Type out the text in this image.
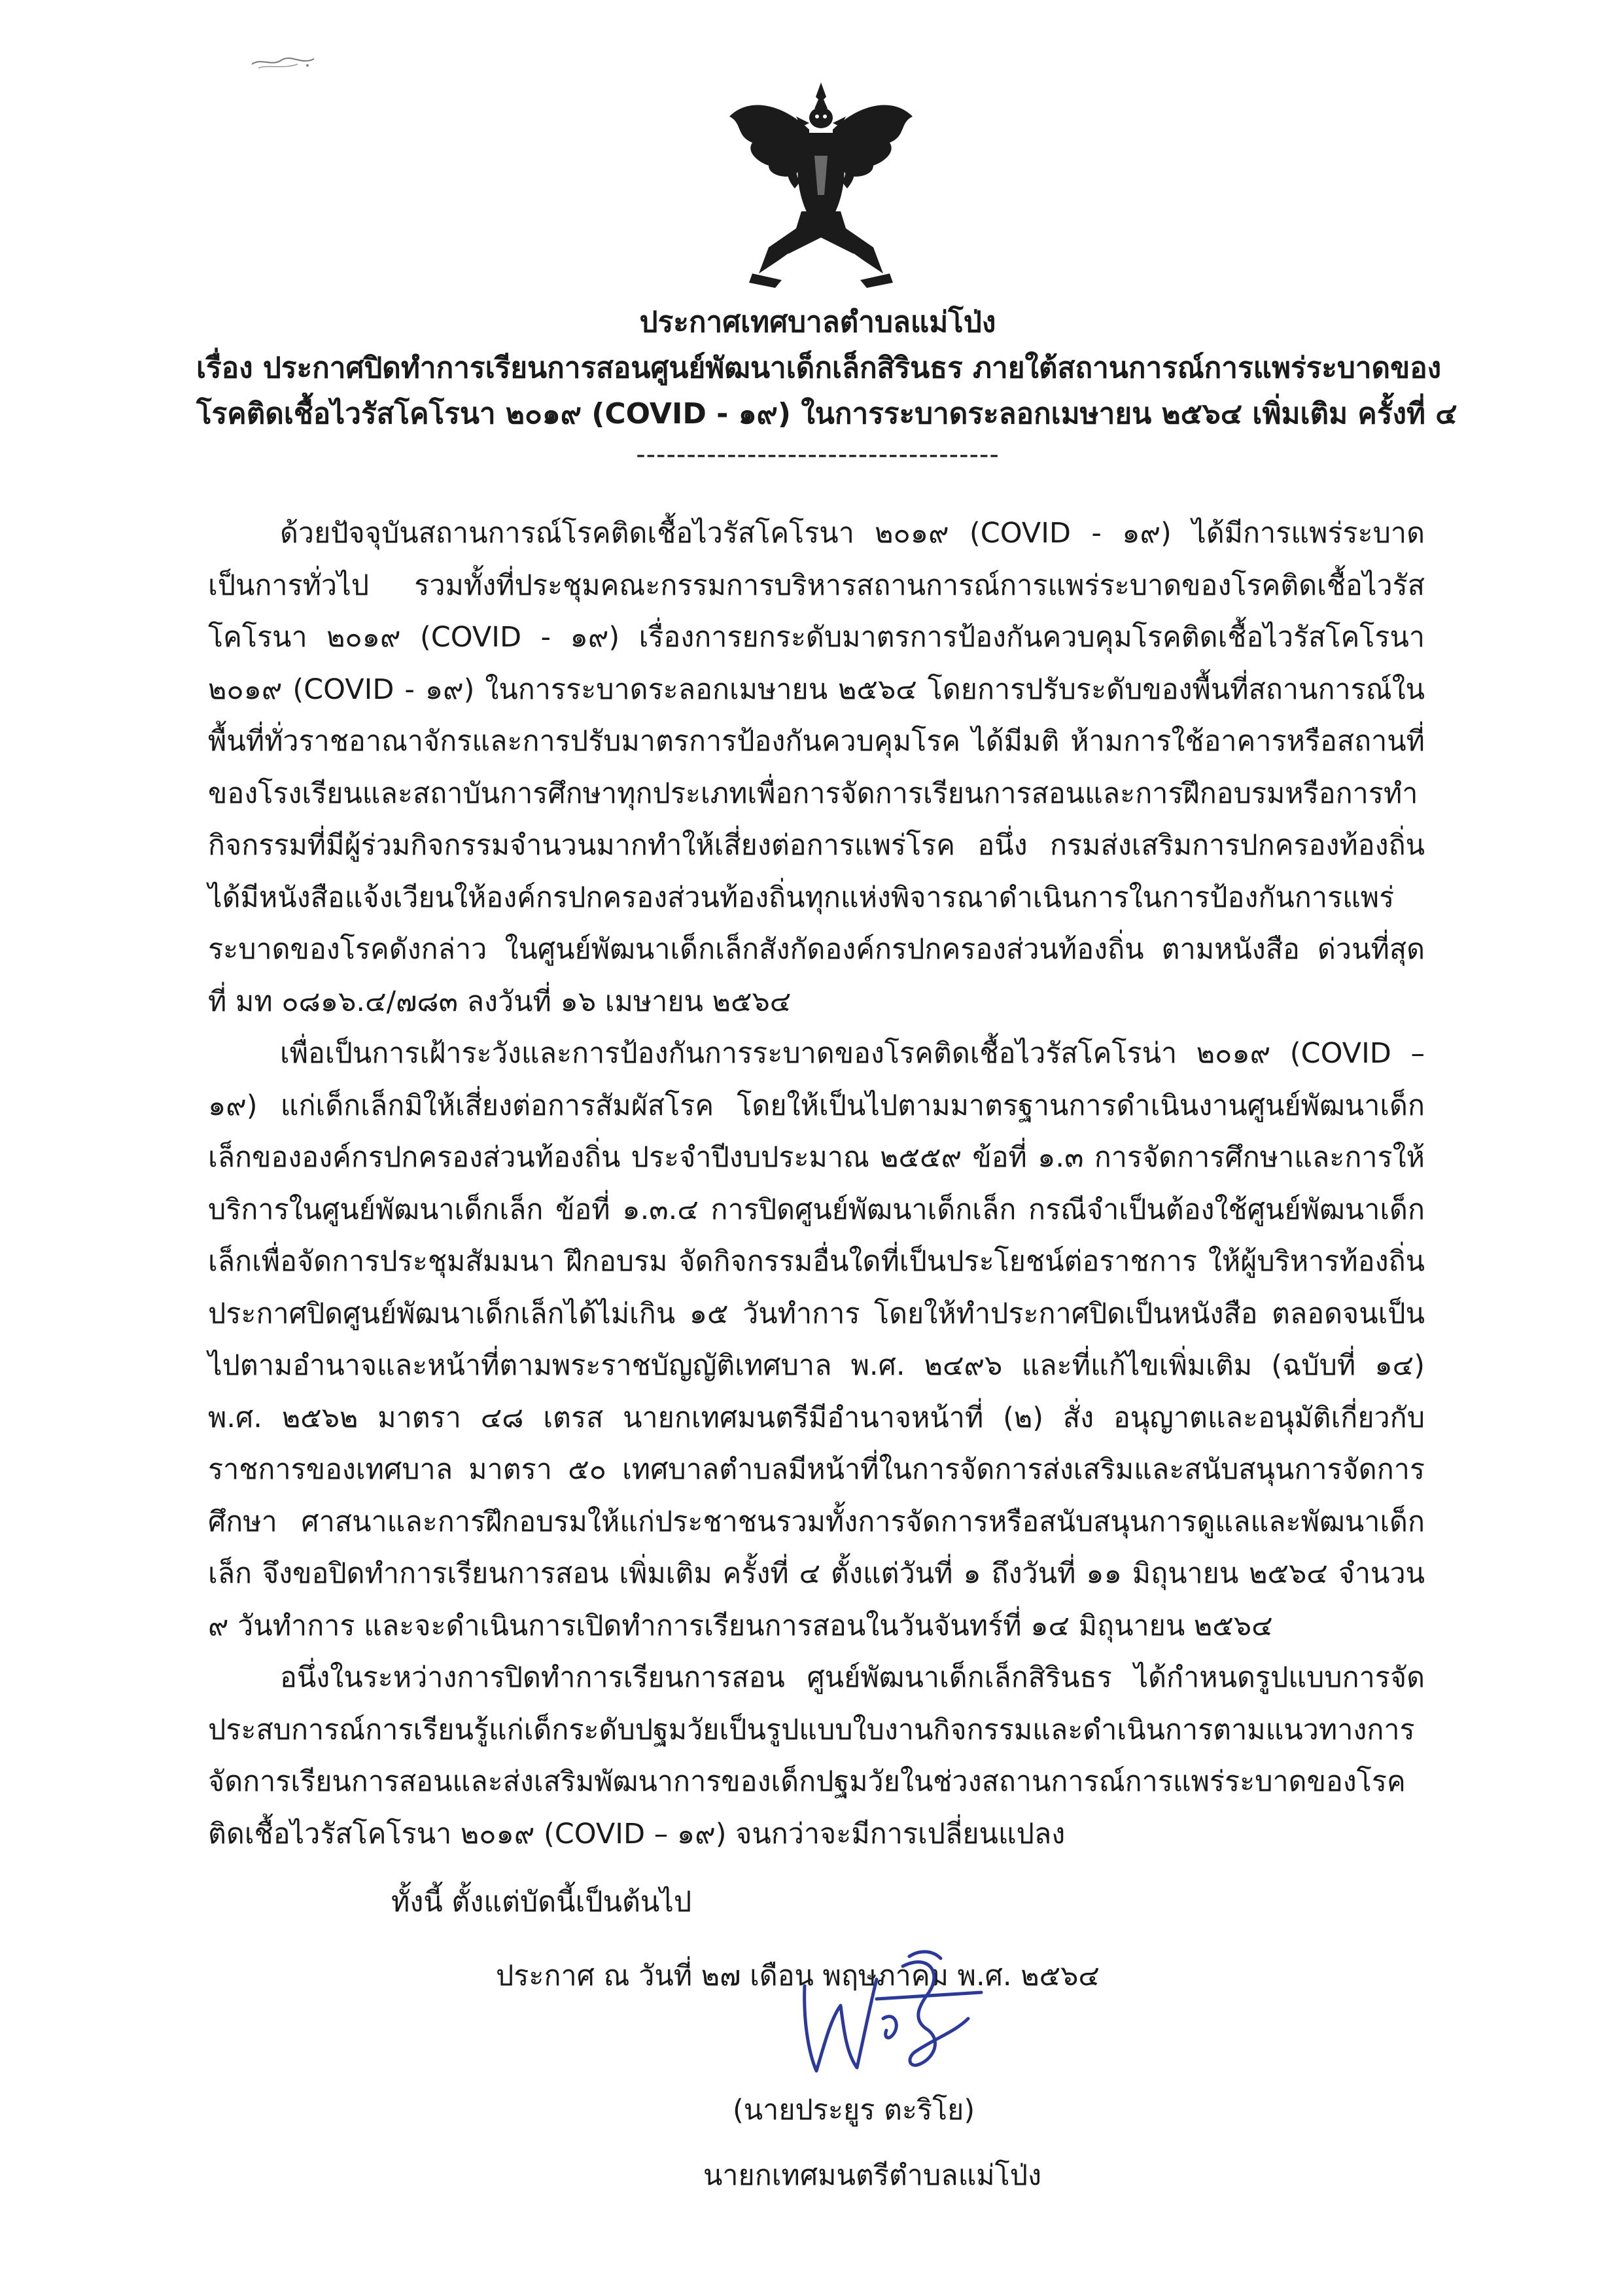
ประกาศเทศบาลตำบลแม่โป่ง
เรื่อง ประกาศปิดทำการเรียนการสอนศูนย์พัฒนาเด็กเล็กสิรินธร ภายใต้สถานการณ์การแพร่ระบาดของ
โรคติดเชื้อไวรัสโคโรนา ๒๐๑๙ (COVID - ๑๙) ในการระบาดระลอกเมษายน ๒๕๖๔ เพิ่มเติม ครั้งที่ ๔
------------------------------------

ด้วยปัจจุบันสถานการณ์โรคติดเชื้อไวรัสโคโรนา ๒๐๑๙ (COVID - ๑๙) ได้มีการแพร่ระบาดเป็นการทั่วไป รวมทั้งที่ประชุมคณะกรรมการบริหารสถานการณ์การแพร่ระบาดของโรคติดเชื้อไวรัสโคโรนา ๒๐๑๙ (COVID - ๑๙) เรื่องการยกระดับมาตรการป้องกันควบคุมโรคติดเชื้อไวรัสโคโรนา ๒๐๑๙ (COVID - ๑๙) ในการระบาดระลอกเมษายน ๒๕๖๔ โดยการปรับระดับของพื้นที่สถานการณ์ในพื้นที่ทั่วราชอาณาจักรและการปรับมาตรการป้องกันควบคุมโรค ได้มีมติ ห้ามการใช้อาคารหรือสถานที่ของโรงเรียนและสถาบันการศึกษาทุกประเภทเพื่อการจัดการเรียนการสอนและการฝึกอบรมหรือการทำกิจกรรมที่มีผู้ร่วมกิจกรรมจำนวนมากทำให้เสี่ยงต่อการแพร่โรค อนึ่ง กรมส่งเสริมการปกครองท้องถิ่นได้มีหนังสือแจ้งเวียนให้องค์กรปกครองส่วนท้องถิ่นทุกแห่งพิจารณาดำเนินการในการป้องกันการแพร่ระบาดของโรคดังกล่าว ในศูนย์พัฒนาเด็กเล็กสังกัดองค์กรปกครองส่วนท้องถิ่น ตามหนังสือ ด่วนที่สุด ที่ มท ๐๘๑๖.๔/๗๘๓ ลงวันที่ ๑๖ เมษายน ๒๕๖๔

เพื่อเป็นการเฝ้าระวังและการป้องกันการระบาดของโรคติดเชื้อไวรัสโคโรน่า ๒๐๑๙ (COVID – ๑๙) แก่เด็กเล็กมิให้เสี่ยงต่อการสัมผัสโรค โดยให้เป็นไปตามมาตรฐานการดำเนินงานศูนย์พัฒนาเด็กเล็กขององค์กรปกครองส่วนท้องถิ่น ประจำปีงบประมาณ ๒๕๕๙ ข้อที่ ๑.๓ การจัดการศึกษาและการให้บริการในศูนย์พัฒนาเด็กเล็ก ข้อที่ ๑.๓.๔ การปิดศูนย์พัฒนาเด็กเล็ก กรณีจำเป็นต้องใช้ศูนย์พัฒนาเด็กเล็กเพื่อจัดการประชุมสัมมนา ฝึกอบรม จัดกิจกรรมอื่นใดที่เป็นประโยชน์ต่อราชการ ให้ผู้บริหารท้องถิ่นประกาศปิดศูนย์พัฒนาเด็กเล็กได้ไม่เกิน ๑๕ วันทำการ โดยให้ทำประกาศปิดเป็นหนังสือ ตลอดจนเป็นไปตามอำนาจและหน้าที่ตามพระราชบัญญัติเทศบาล พ.ศ. ๒๔๙๖ และที่แก้ไขเพิ่มเติม (ฉบับที่ ๑๔) พ.ศ. ๒๕๖๒ มาตรา ๔๘ เตรส นายกเทศมนตรีมีอำนาจหน้าที่ (๒) สั่ง อนุญาตและอนุมัติเกี่ยวกับราชการของเทศบาล มาตรา ๕๐ เทศบาลตำบลมีหน้าที่ในการจัดการส่งเสริมและสนับสนุนการจัดการศึกษา ศาสนาและการฝึกอบรมให้แก่ประชาชนรวมทั้งการจัดการหรือสนับสนุนการดูแลและพัฒนาเด็กเล็ก จึงขอปิดทำการเรียนการสอน เพิ่มเติม ครั้งที่ ๔ ตั้งแต่วันที่ ๑ ถึงวันที่ ๑๑ มิถุนายน ๒๕๖๔ จำนวน ๙ วันทำการ และจะดำเนินการเปิดทำการเรียนการสอนในวันจันทร์ที่ ๑๔ มิถุนายน ๒๕๖๔

อนึ่งในระหว่างการปิดทำการเรียนการสอน ศูนย์พัฒนาเด็กเล็กสิรินธร ได้กำหนดรูปแบบการจัดประสบการณ์การเรียนรู้แก่เด็กระดับปฐมวัยเป็นรูปแบบใบงานกิจกรรมและดำเนินการตามแนวทางการจัดการเรียนการสอนและส่งเสริมพัฒนาการของเด็กปฐมวัยในช่วงสถานการณ์การแพร่ระบาดของโรคติดเชื้อไวรัสโคโรนา ๒๐๑๙ (COVID – ๑๙) จนกว่าจะมีการเปลี่ยนแปลง

ทั้งนี้ ตั้งแต่บัดนี้เป็นต้นไป
ประกาศ ณ วันที่ ๒๗ เดือน พฤษภาคม พ.ศ. ๒๕๖๔
(นายประยูร ตะริโย)
นายกเทศมนตรีตำบลแม่โป่ง
